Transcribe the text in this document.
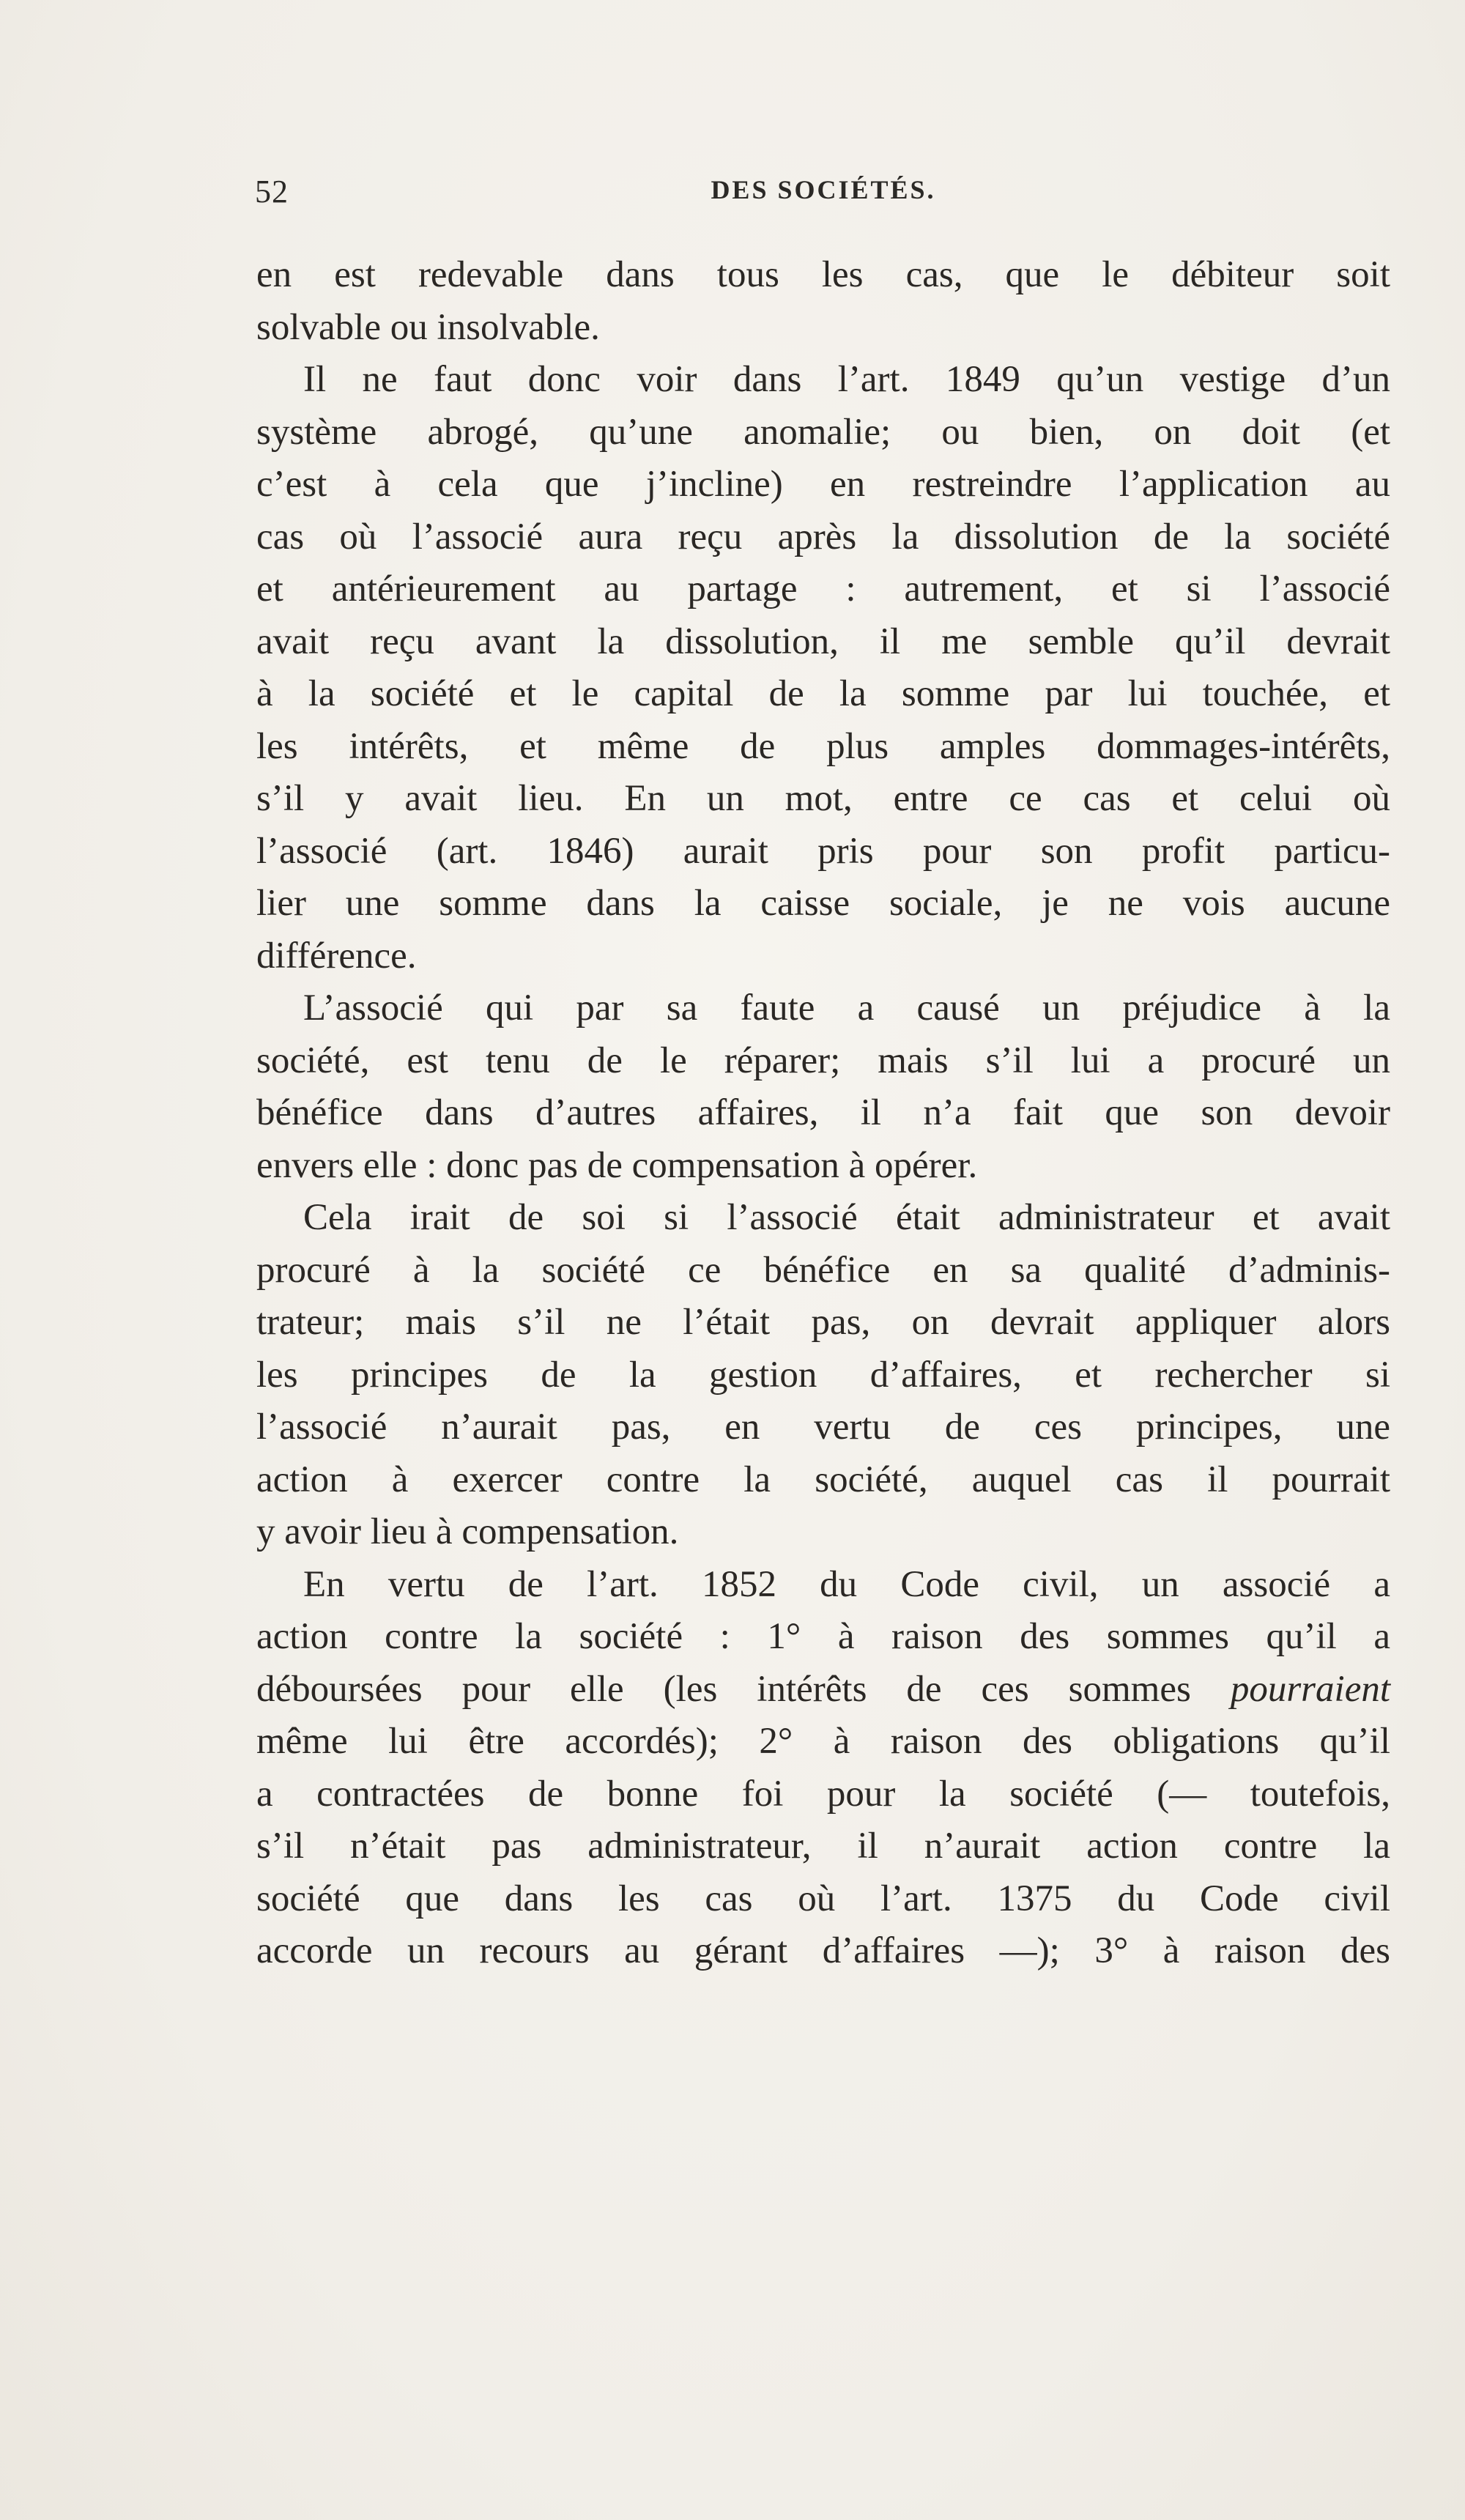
52	DES SOCIÉTÉS.
en est redevable dans tous les cas, que le débiteur soit
solvable ou insolvable.
Il ne faut donc voir dans l’art. 1849 qu’un vestige d’un
système abrogé, qu’une anomalie; ou bien, on doit (et
c’est à cela que j’incline) en restreindre l’application au
cas où l’associé aura reçu après la dissolution de la société
et antérieurement au partage : autrement, et si l’associé
avait reçu avant la dissolution, il me semble qu’il devrait
à la société et le capital de la somme par lui touchée, et
les intérêts, et même de plus amples dommages-intérêts,
s’il y avait lieu. En un mot, entre ce cas et celui où
l’associé (art. 1846) aurait pris pour son profit particu-
lier une somme dans la caisse sociale, je ne vois aucune
différence.
L’associé qui par sa faute a causé un préjudice à la
société, est tenu de le réparer; mais s’il lui a procuré un
bénéfice dans d’autres affaires, il n’a fait que son devoir
envers elle : donc pas de compensation à opérer.
Cela irait de soi si l’associé était administrateur et avait
procuré à la société ce bénéfice en sa qualité d’adminis-
trateur; mais s’il ne l’était pas, on devrait appliquer alors
les principes de la gestion d’affaires, et rechercher si
l’associé n’aurait pas, en vertu de ces principes, une
action à exercer contre la société, auquel cas il pourrait
y avoir lieu à compensation.
En vertu de l’art. 1852 du Code civil, un associé a
action contre la société : 1° à raison des sommes qu’il a
déboursées pour elle (les intérêts de ces sommes pourraient
même lui être accordés); 2° à raison des obligations qu’il
a contractées de bonne foi pour la société (— toutefois,
s’il n’était pas administrateur, il n’aurait action contre la
société que dans les cas où l’art. 1375 du Code civil
accorde un recours au gérant d’affaires —); 3° à raison des
